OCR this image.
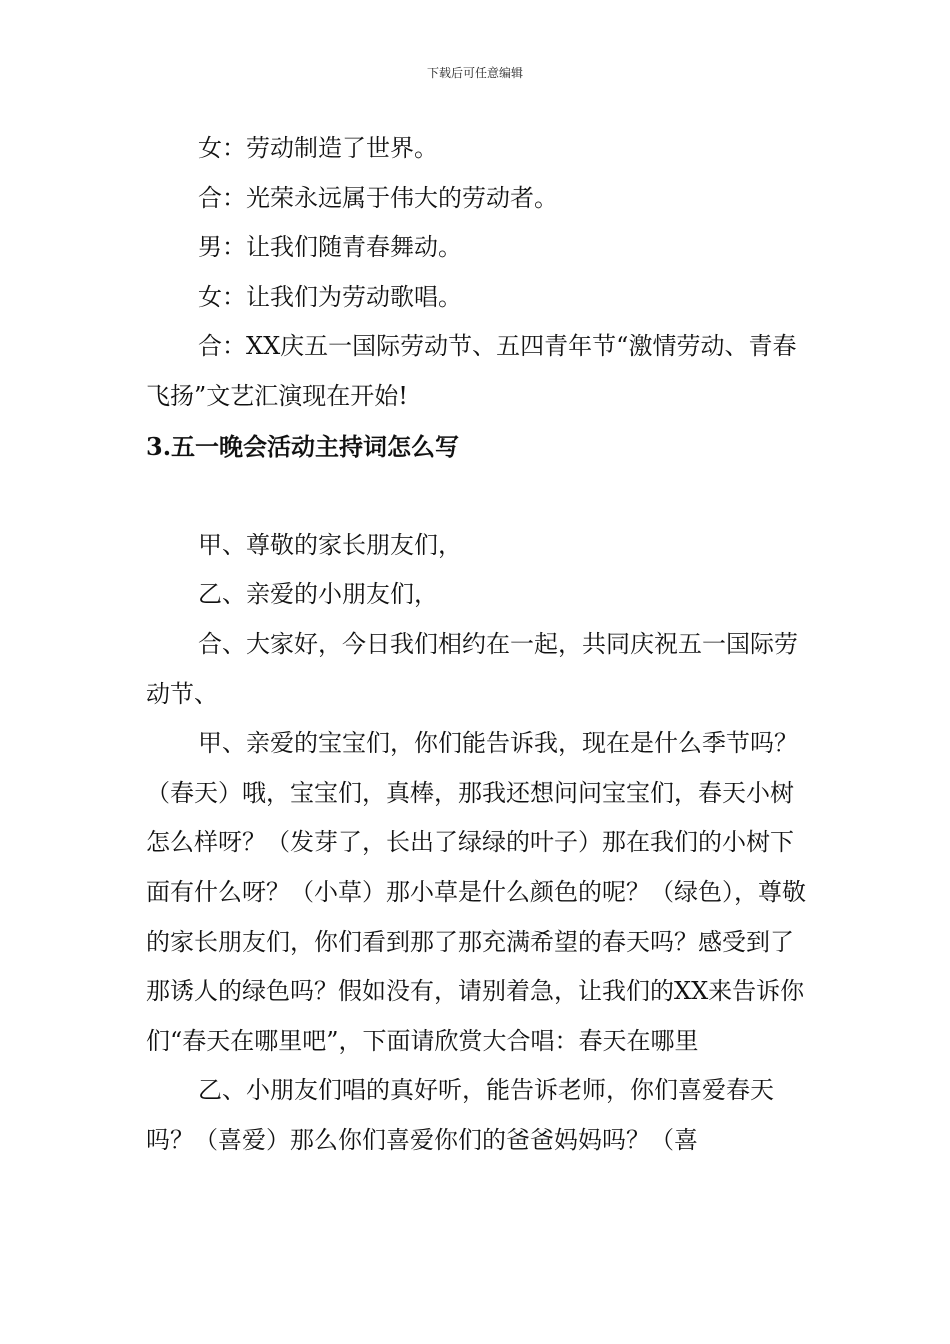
下载后可任意编辑

女：劳动制造了世界。

合：光荣永远属于伟大的劳动者。

男：让我们随青春舞动。

女：让我们为劳动歌唱。

合：XX庆五一国际劳动节、五四青年节“激情劳动、青春飞扬”文艺汇演现在开始!

3.五一晚会活动主持词怎么写

甲、尊敬的家长朋友们，

乙、亲爱的小朋友们，

合、大家好，今日我们相约在一起，共同庆祝五一国际劳动节、

甲、亲爱的宝宝们，你们能告诉我，现在是什么季节吗？（春天）哦，宝宝们，真棒，那我还想问问宝宝们，春天小树怎么样呀？（发芽了，长出了绿绿的叶子）那在我们的小树下面有什么呀？（小草）那小草是什么颜色的呢？（绿色），尊敬的家长朋友们，你们看到那了那充满希望的春天吗？感受到了那诱人的绿色吗？假如没有，请别着急，让我们的XX来告诉你们“春天在哪里吧”，下面请欣赏大合唱：春天在哪里

乙、小朋友们唱的真好听，能告诉老师，你们喜爱春天吗？（喜爱）那么你们喜爱你们的爸爸妈妈吗？（喜
